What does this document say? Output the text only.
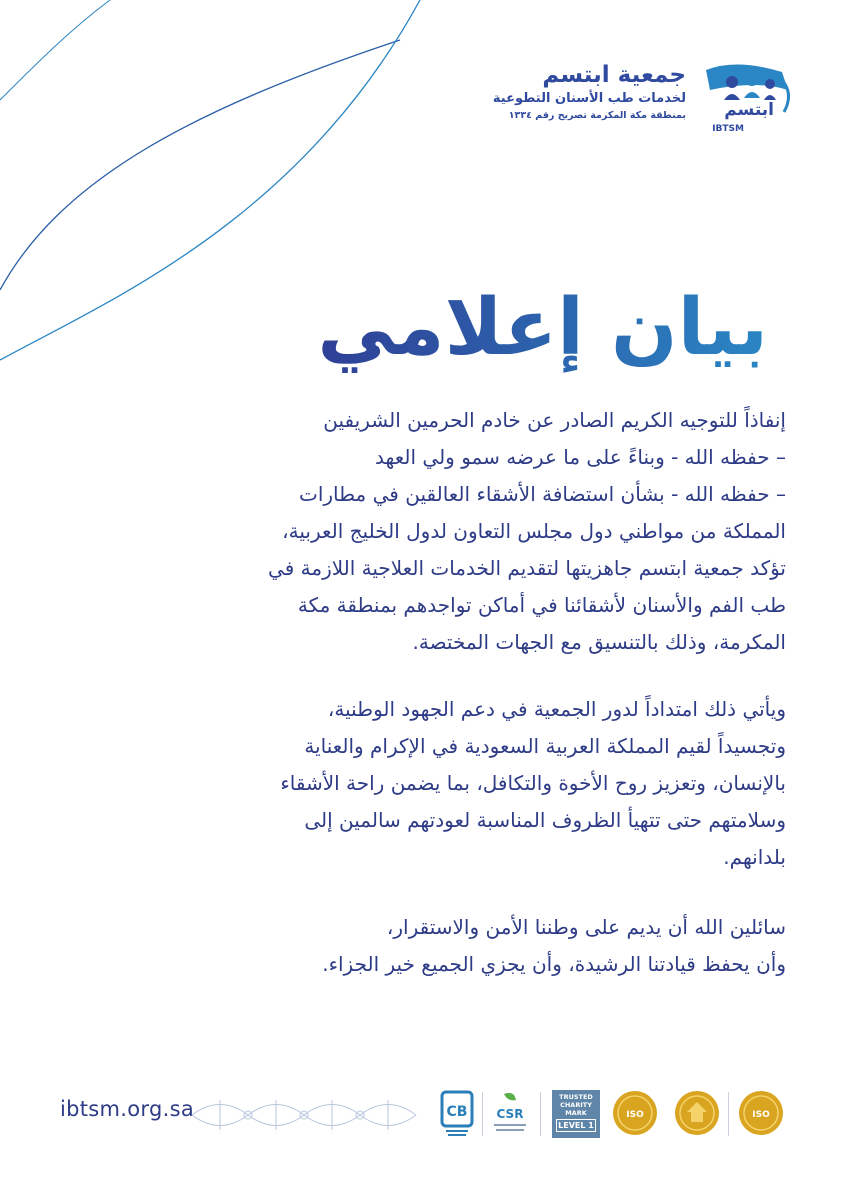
جمعية ابتسم
لخدمات طب الأسنان التطوعية
بمنطقة مكة المكرمة تصريح رقم ١٣٣٤ ابتسم
IBTSM
بيان إعلامي
إنفاذاً للتوجيه الكريم الصادر عن خادم الحرمين الشريفين
– حفظه الله - وبناءً على ما عرضه سمو ولي العهد
– حفظه الله - بشأن استضافة الأشقاء العالقين في مطارات
المملكة من مواطني دول مجلس التعاون لدول الخليج العربية،
تؤكد جمعية ابتسم جاهزيتها لتقديم الخدمات العلاجية اللازمة في
طب الفم والأسنان لأشقائنا في أماكن تواجدهم بمنطقة مكة
المكرمة، وذلك بالتنسيق مع الجهات المختصة.
ويأتي ذلك امتداداً لدور الجمعية في دعم الجهود الوطنية،
وتجسيداً لقيم المملكة العربية السعودية في الإكرام والعناية
بالإنسان، وتعزيز روح الأخوة والتكافل، بما يضمن راحة الأشقاء
وسلامتهم حتى تتهيأ الظروف المناسبة لعودتهم سالمين إلى
بلدانهم.
سائلين الله أن يديم على وطننا الأمن والاستقرار،
وأن يحفظ قيادتنا الرشيدة، وأن يجزي الجميع خير الجزاء.
ibtsm.org.sa	CB CSR
TRUSTED
CHARITY MARK
LEVEL 1
ISO	ISO
